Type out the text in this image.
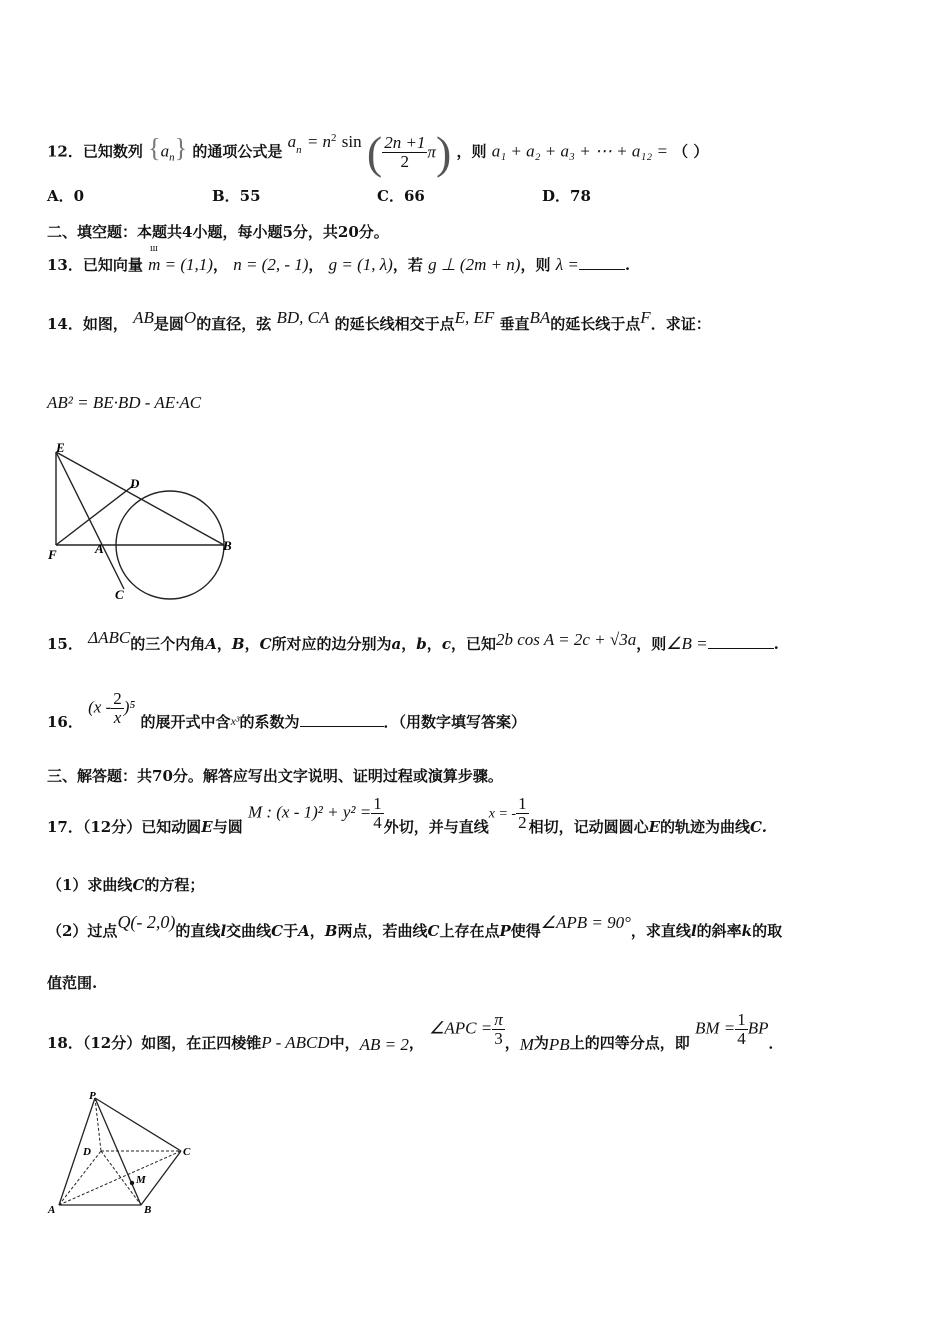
12．已知数列 $\{a_n\}$ 的通项公式是 $a_n = n^2$ sin ( $\frac{2n +1}{2} \pi$) ，则 a₁ + a₂ + a₃ + ⋯ + a₁₂ = （ ）
A．0	B．55	C．66	D．78
二、填空题：本题共4小题，每小题5分，共20分。
13．已知向量
ш
m = (1,1)， n = (2, - 1)， g = (1, λ)，若 g ⊥ (2m + n)，则 λ =	.
14．如图， AB是圆O的直径，弦 BD, CA 的延长线相交于点E, EF 垂直BA的延长线于点F．求证：
AB² = BE·BD - AE·AC
E
D
F	A	B
C
15． ΔABC的三个内角A，B，C所对应的边分别为a，b，c，已知2b cos A = 2c + √3a，则∠B =	.
16． $(x - \frac{2}{x} )^5$ 的展开式中含$_{x^3}$的系数为	．（用数字填写答案）
三、解答题：共70分。解答应写出文字说明、证明过程或演算步骤。
17．（12分）已知动圆E与圆 M : $(x - 1)^2 + y^2 = \frac{1}{4}$ 外切，并与直线x = - $\frac{1}{2}$ 相切，记动圆圆心E的轨迹为曲线C.
（1）求曲线C的方程；
（2）过点Q(- 2,0)的直线l交曲线C于A，B两点，若曲线C上存在点P使得∠APB = 90°，求直线l的斜率k的取
值范围.
18．（12分）如图，在正四棱锥P - ABCD中，AB = 2， ∠APC = $\frac{\pi}{3}$ ，M为PB上的四等分点，即 BM = $\frac{1}{4}$ BP．
P
D	C
M
A	B
